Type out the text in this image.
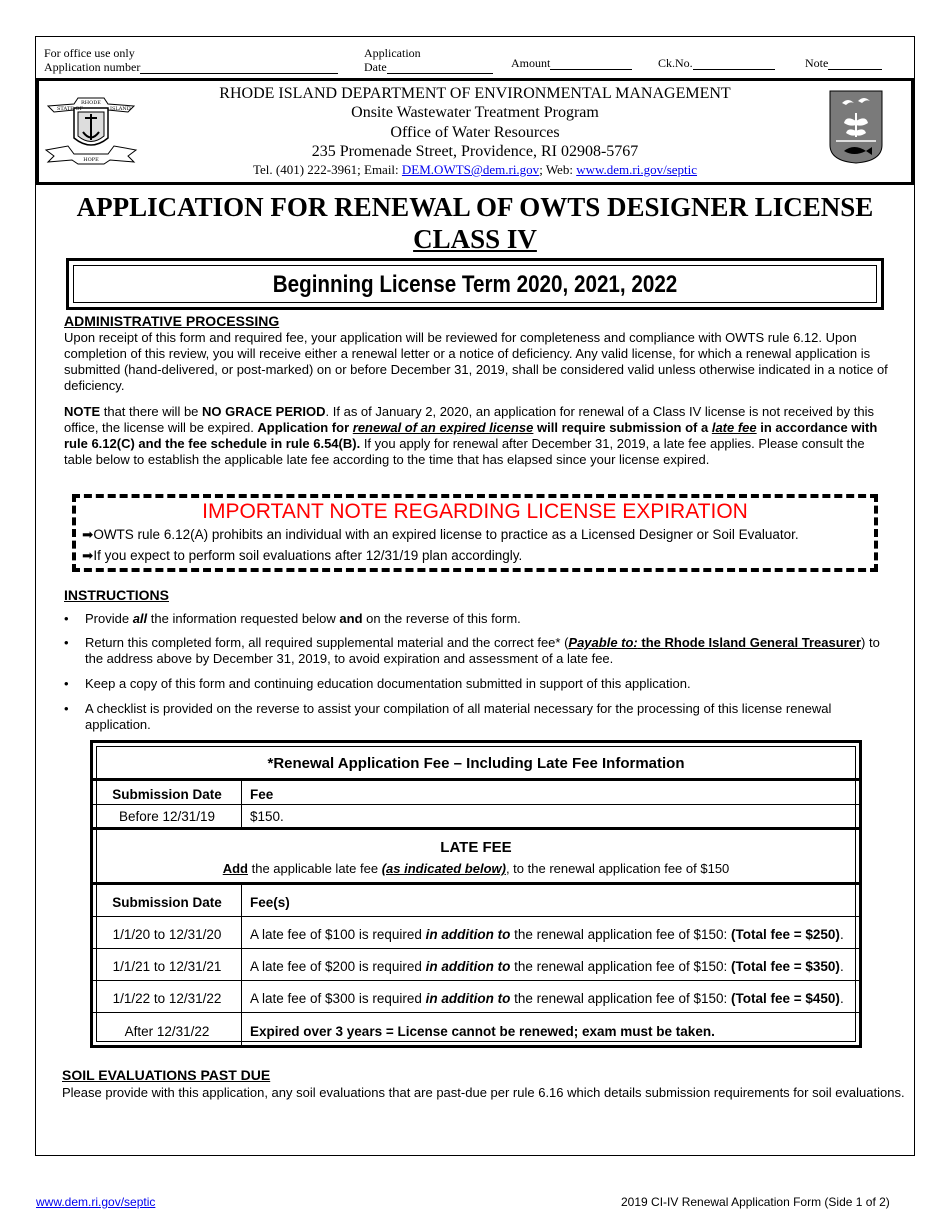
For office use only
Application number
Application
Date	Amount	Ck.No.	Note
RHODE
STATE OF	ISLAND
HOPE
RHODE ISLAND DEPARTMENT OF ENVIRONMENTAL MANAGEMENT
Onsite Wastewater Treatment Program
Office of Water Resources
235 Promenade Street, Providence, RI 02908-5767
Tel. (401) 222-3961; Email: DEM.OWTS@dem.ri.gov; Web: www.dem.ri.gov/septic
APPLICATION FOR RENEWAL OF OWTS DESIGNER LICENSE
CLASS IV
Beginning License Term 2020, 2021, 2022
ADMINISTRATIVE PROCESSING
Upon receipt of this form and required fee, your application will be reviewed for completeness and compliance with OWTS rule 6.12. Upon completion of this review, you will receive either a renewal letter or a notice of deficiency. Any valid license, for which a renewal application is submitted (hand-delivered, or post-marked) on or before December 31, 2019, shall be considered valid unless otherwise indicated in a notice of deficiency.
NOTE that there will be NO GRACE PERIOD. If as of January 2, 2020, an application for renewal of a Class IV license is not received by this office, the license will be expired. Application for renewal of an expired license will require submission of a late fee in accordance with rule 6.12(C) and the fee schedule in rule 6.54(B). If you apply for renewal after December 31, 2019, a late fee applies. Please consult the table below to establish the applicable late fee according to the time that has elapsed since your license expired.
IMPORTANT NOTE REGARDING LICENSE EXPIRATION
➡OWTS rule 6.12(A) prohibits an individual with an expired license to practice as a Licensed Designer or Soil Evaluator.
➡If you expect to perform soil evaluations after 12/31/19 plan accordingly.
INSTRUCTIONS
• Provide all the information requested below and on the reverse of this form.
• Return this completed form, all required supplemental material and the correct fee* (Payable to: the Rhode Island General Treasurer) to the address above by December 31, 2019, to avoid expiration and assessment of a late fee.
• Keep a copy of this form and continuing education documentation submitted in support of this application.
• A checklist is provided on the reverse to assist your compilation of all material necessary for the processing of this license renewal application.
*Renewal Application Fee – Including Late Fee Information
Submission Date	Fee
Before 12/31/19	$150.
LATE FEE
Add the applicable late fee (as indicated below), to the renewal application fee of $150
Submission Date	Fee(s)
1/1/20 to 12/31/20	A late fee of $100 is required in addition to the renewal application fee of $150: (Total fee = $250).
1/1/21 to 12/31/21	A late fee of $200 is required in addition to the renewal application fee of $150: (Total fee = $350).
1/1/22 to 12/31/22	A late fee of $300 is required in addition to the renewal application fee of $150: (Total fee = $450).
After 12/31/22	Expired over 3 years = License cannot be renewed; exam must be taken.
SOIL EVALUATIONS PAST DUE
Please provide with this application, any soil evaluations that are past-due per rule 6.16 which details submission requirements for soil evaluations.
www.dem.ri.gov/septic	2019 CI-IV Renewal Application Form (Side 1 of 2)
